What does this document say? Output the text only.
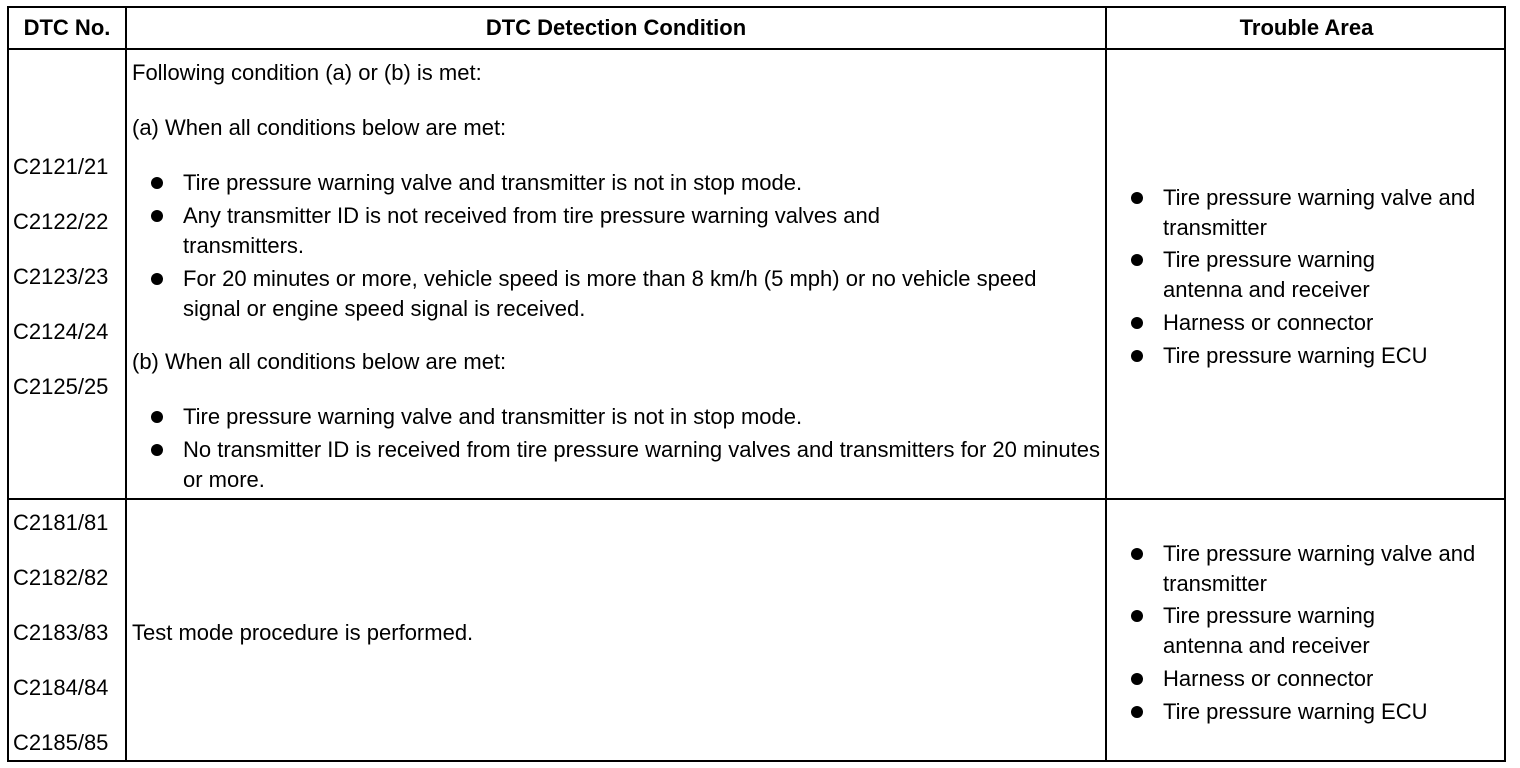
DTC No.	DTC Detection Condition	Trouble Area
C2121/21
C2122/22
C2123/23
C2124/24
C2125/25
Following condition (a) or (b) is met:
(a) When all conditions below are met:
Tire pressure warning valve and transmitter is not in stop mode.
Any transmitter ID is not received from tire pressure warning valves and transmitters.
For 20 minutes or more, vehicle speed is more than 8 km/h (5 mph) or no vehicle speed signal or engine speed signal is received.
(b) When all conditions below are met:
Tire pressure warning valve and transmitter is not in stop mode.
No transmitter ID is received from tire pressure warning valves and transmitters for 20 minutes or more.
Tire pressure warning valve and transmitter
Tire pressure warning antenna and receiver
Harness or connector
Tire pressure warning ECU
C2181/81
C2182/82
C2183/83
C2184/84
C2185/85
Test mode procedure is performed.
Tire pressure warning valve and transmitter
Tire pressure warning antenna and receiver
Harness or connector
Tire pressure warning ECU
